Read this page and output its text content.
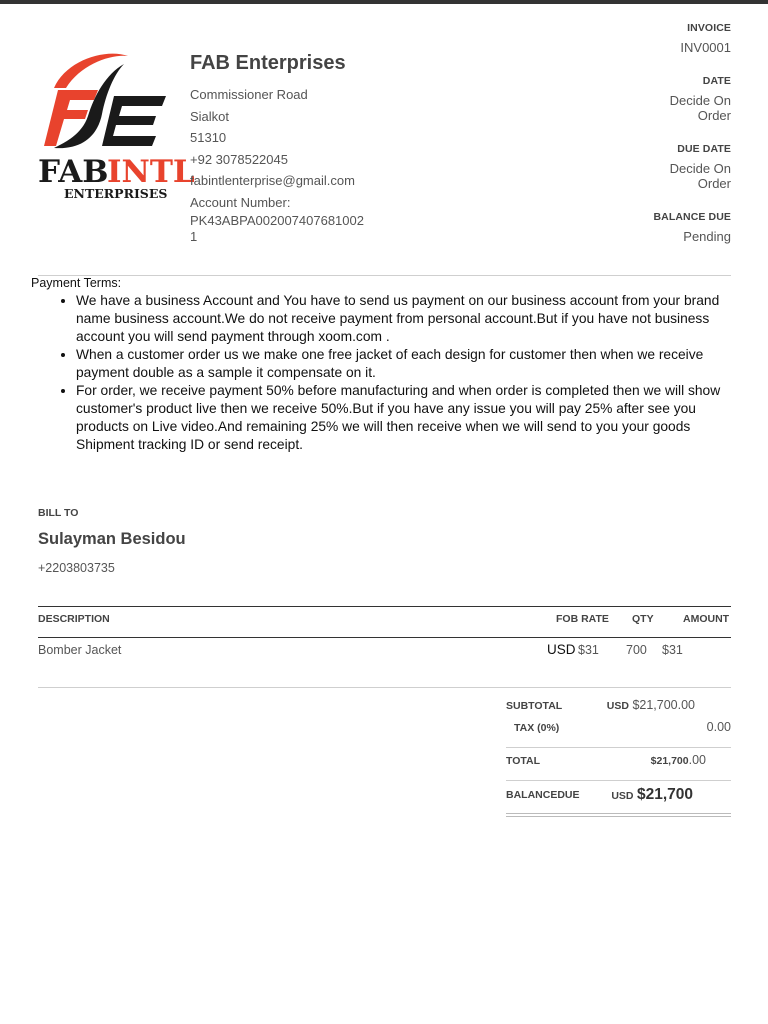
FAB
INTL
ENTERPRISES
FAB Enterprises
Commissioner Road
Sialkot
51310
+92 3078522045
fabintlenterprise@gmail.com
Account Number:
PK43ABPA0020074076810021
INVOICE
INV0001
DATE
Decide On Order
DUE DATE
Decide On Order
BALANCE DUE
Pending
Payment Terms:
• We have a business Account and You have to send us payment on our business account from your brand name business account.We do not receive payment from personal account.But if you have not business account you will send payment through xoom.com .
• When a customer order us we make one free jacket of each design for customer then when we receive payment double as a sample it compensate on it.
• For order, we receive payment 50% before manufacturing and when order is completed then we will show customer's product live then we receive 50%.But if you have any issue you will pay 25% after see you products on Live video.And remaining 25% we will then receive when we will send to you your goods Shipment tracking ID or send receipt.
BILL TO
Sulayman Besidou
+2203803735
DESCRIPTION	FOB RATE QTY	AMOUNT
Bomber Jacket	USD $31 700 $31
SUBTOTAL	USD $21,700.00
TAX (0%)	0.00
TOTAL	$21,700.00
BALANCEDUE	USD $21,700
